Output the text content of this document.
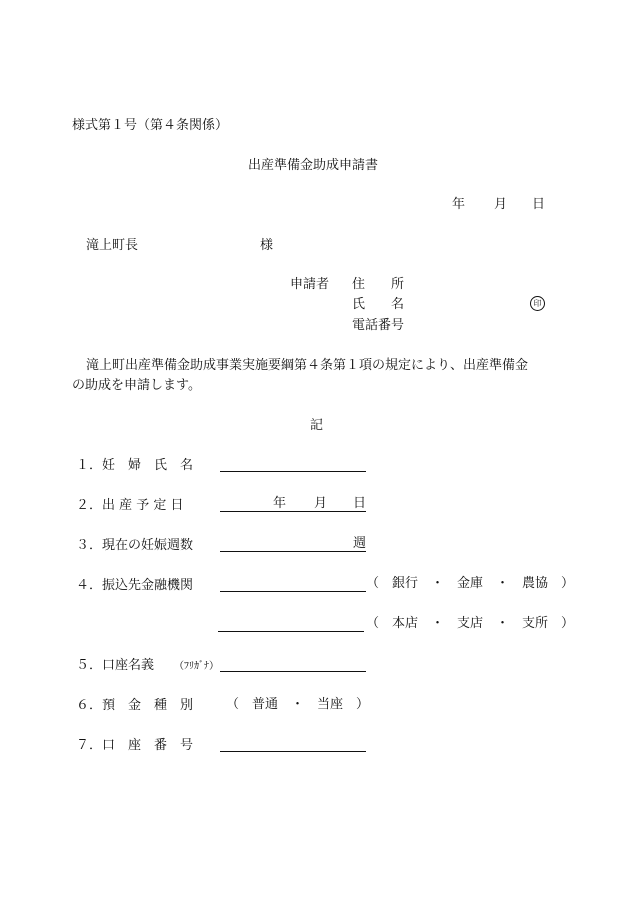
様式第１号（第４条関係）
出産準備金助成申請書
年 月 日
滝上町長	様
申請者 住　　所
氏　　名	印
電話番号
滝上町出産準備金助成事業実施要綱第４条第１項の規定により、出産準備金
の助成を申請します。
記
１．妊　婦　氏　名
２．出 産 予 定 日	年 月 日
３．現在の妊娠週数	週
４．振込先金融機関	（　銀行　・　金庫　・　農協　）
（　本店　・　支店　・　支所　）
５．口座名義 （ﾌﾘｶﾞﾅ）
６．預　金　種　別	（　普通　・　当座　）
７．口　座　番　号
